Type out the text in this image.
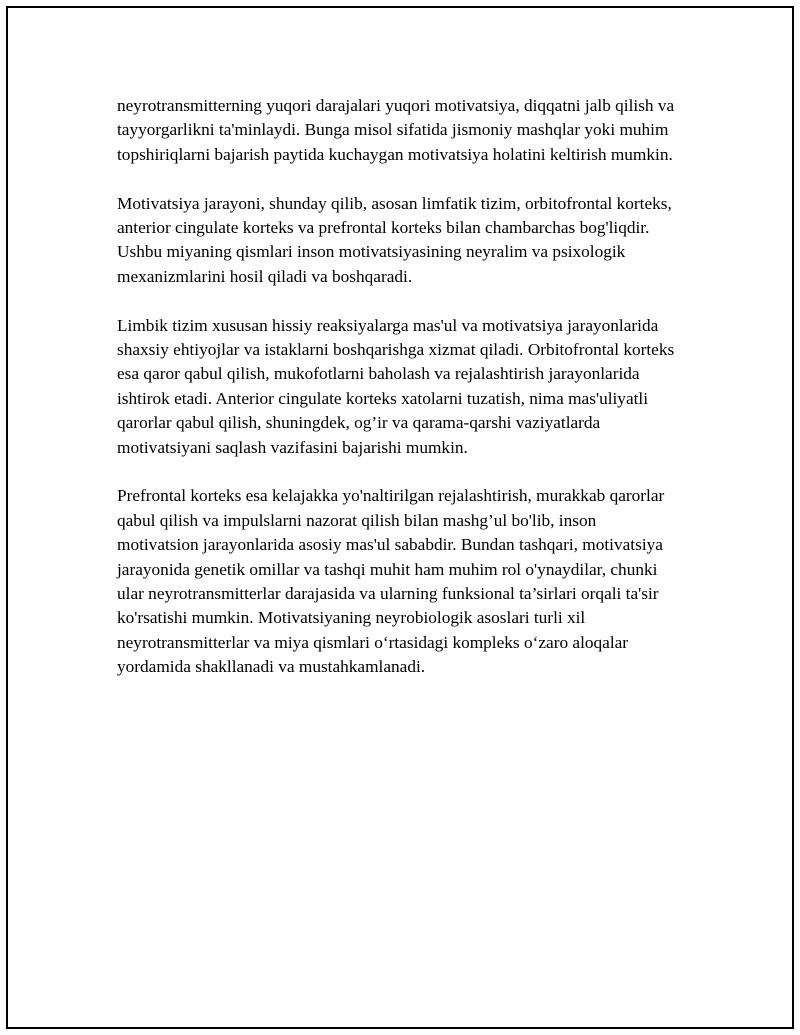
neyrotransmitterning yuqori darajalari yuqori motivatsiya, diqqatni jalb qilish va tayyorgarlikni ta'minlaydi. Bunga misol sifatida jismoniy mashqlar yoki muhim topshiriqlarni bajarish paytida kuchaygan motivatsiya holatini keltirish mumkin.

Motivatsiya jarayoni, shunday qilib, asosan limfatik tizim, orbitofrontal korteks, anterior cingulate korteks va prefrontal korteks bilan chambarchas bog'liqdir. Ushbu miyaning qismlari inson motivatsiyasining neyralim va psixologik mexanizmlarini hosil qiladi va boshqaradi.

Limbik tizim xususan hissiy reaksiyalarga mas'ul va motivatsiya jarayonlarida shaxsiy ehtiyojlar va istaklarni boshqarishga xizmat qiladi. Orbitofrontal korteks esa qaror qabul qilish, mukofotlarni baholash va rejalashtirish jarayonlarida ishtirok etadi. Anterior cingulate korteks xatolarni tuzatish, nima mas'uliyatli qarorlar qabul qilish, shuningdek, og’ir va qarama-qarshi vaziyatlarda motivatsiyani saqlash vazifasini bajarishi mumkin.

Prefrontal korteks esa kelajakka yo'naltirilgan rejalashtirish, murakkab qarorlar qabul qilish va impulslarni nazorat qilish bilan mashg’ul bo'lib, inson motivatsion jarayonlarida asosiy mas'ul sababdir. Bundan tashqari, motivatsiya jarayonida genetik omillar va tashqi muhit ham muhim rol o'ynaydilar, chunki ular neyrotransmitterlar darajasida va ularning funksional ta’sirlari orqali ta'sir ko'rsatishi mumkin. Motivatsiyaning neyrobiologik asoslari turli xil neyrotransmitterlar va miya qismlari o‘rtasidagi kompleks o‘zaro aloqalar yordamida shakllanadi va mustahkamlanadi.
